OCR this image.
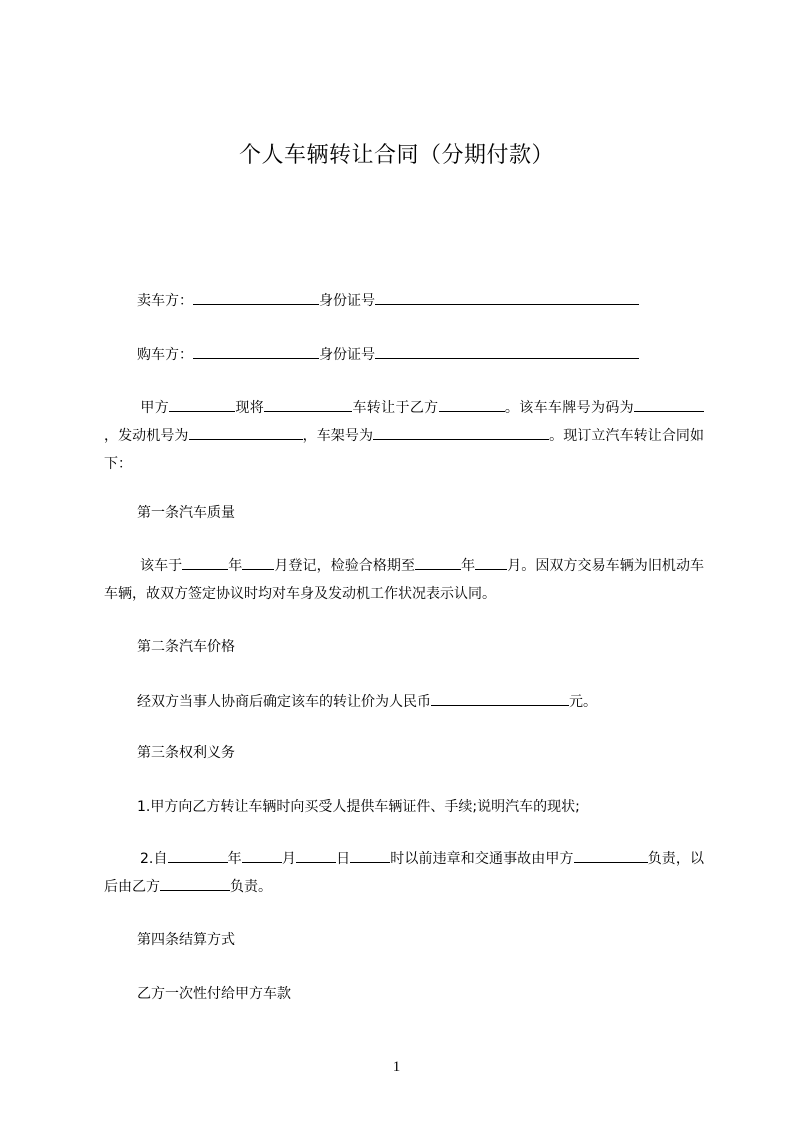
个人车辆转让合同（分期付款）
卖车方：	身份证号
购车方：	身份证号
甲方	现将	车转让于乙方	。该车车牌号为码为，发动机号为	，车架号为	。现订立汽车转让合同如下：
第一条汽车质量
该车于	年 月登记，检验合格期至	年 月。因双方交易车辆为旧机动车车辆，故双方签定协议时均对车身及发动机工作状况表示认同。
第二条汽车价格
经双方当事人协商后确定该车的转让价为人民币	元。
第三条权利义务
1.甲方向乙方转让车辆时向买受人提供车辆证件、手续;说明汽车的现状;
2.自	年	月	日	时以前违章和交通事故由甲方	负责，以后由乙方	负责。
第四条结算方式
乙方一次性付给甲方车款
1
